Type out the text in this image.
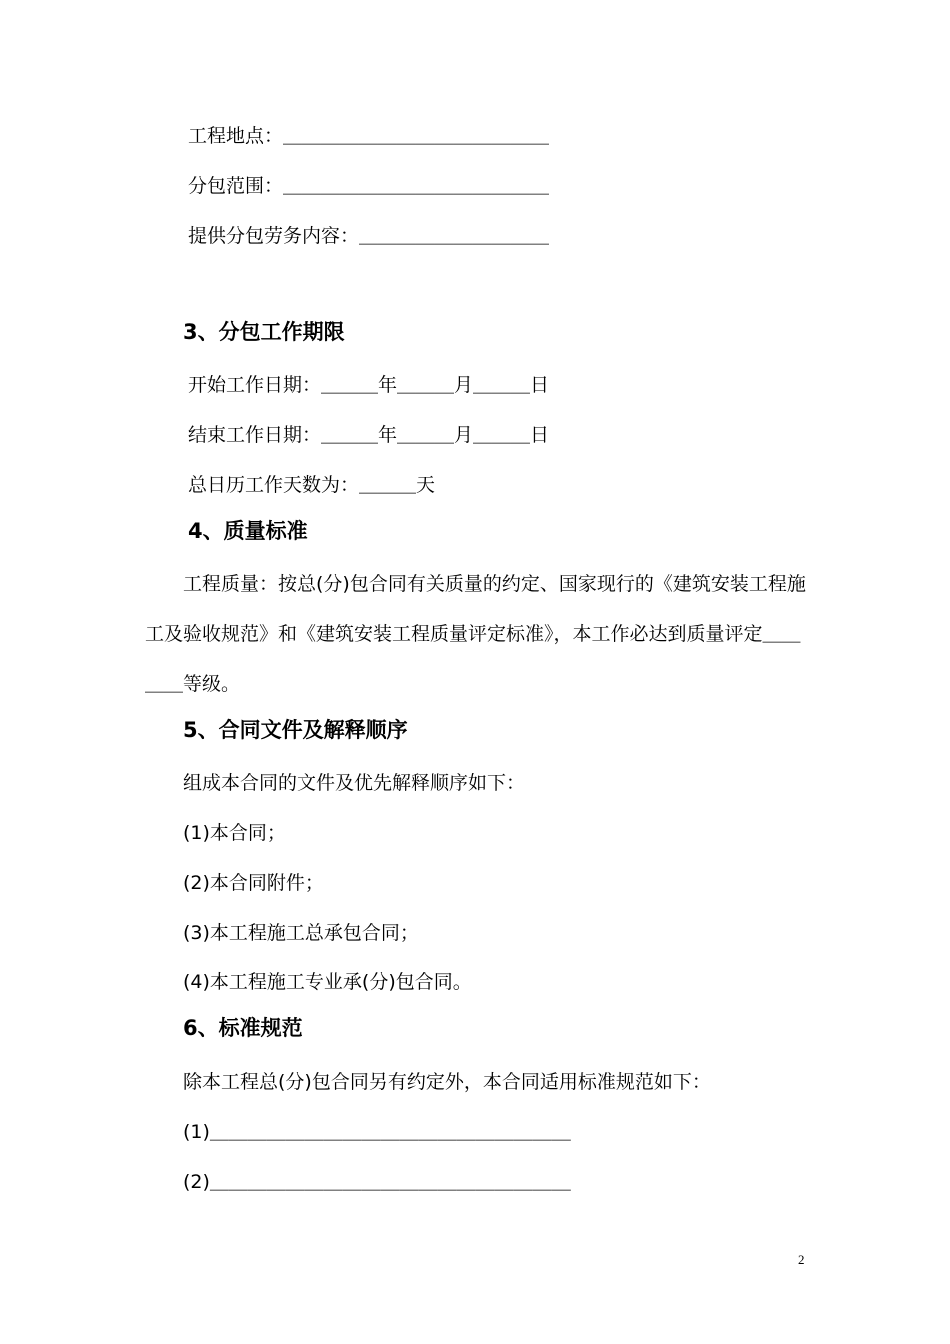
工程地点：＿＿＿＿＿＿＿＿＿＿＿＿＿＿
分包范围：＿＿＿＿＿＿＿＿＿＿＿＿＿＿
提供分包劳务内容：＿＿＿＿＿＿＿＿＿＿
3、分包工作期限
开始工作日期：＿＿＿年＿＿＿月＿＿＿日
结束工作日期：＿＿＿年＿＿＿月＿＿＿日
总日历工作天数为：＿＿＿天
4、质量标准
工程质量：按总(分)包合同有关质量的约定、国家现行的《建筑安装工程施
工及验收规范》和《建筑安装工程质量评定标准》，本工作必达到质量评定＿＿
＿＿等级。
5、合同文件及解释顺序
组成本合同的文件及优先解释顺序如下：
(1)本合同；
(2)本合同附件；
(3)本工程施工总承包合同；
(4)本工程施工专业承(分)包合同。
6、标准规范
除本工程总(分)包合同另有约定外，本合同适用标准规范如下：
(1)＿＿＿＿＿＿＿＿＿＿＿＿＿＿＿＿＿＿＿
(2)＿＿＿＿＿＿＿＿＿＿＿＿＿＿＿＿＿＿＿
2
